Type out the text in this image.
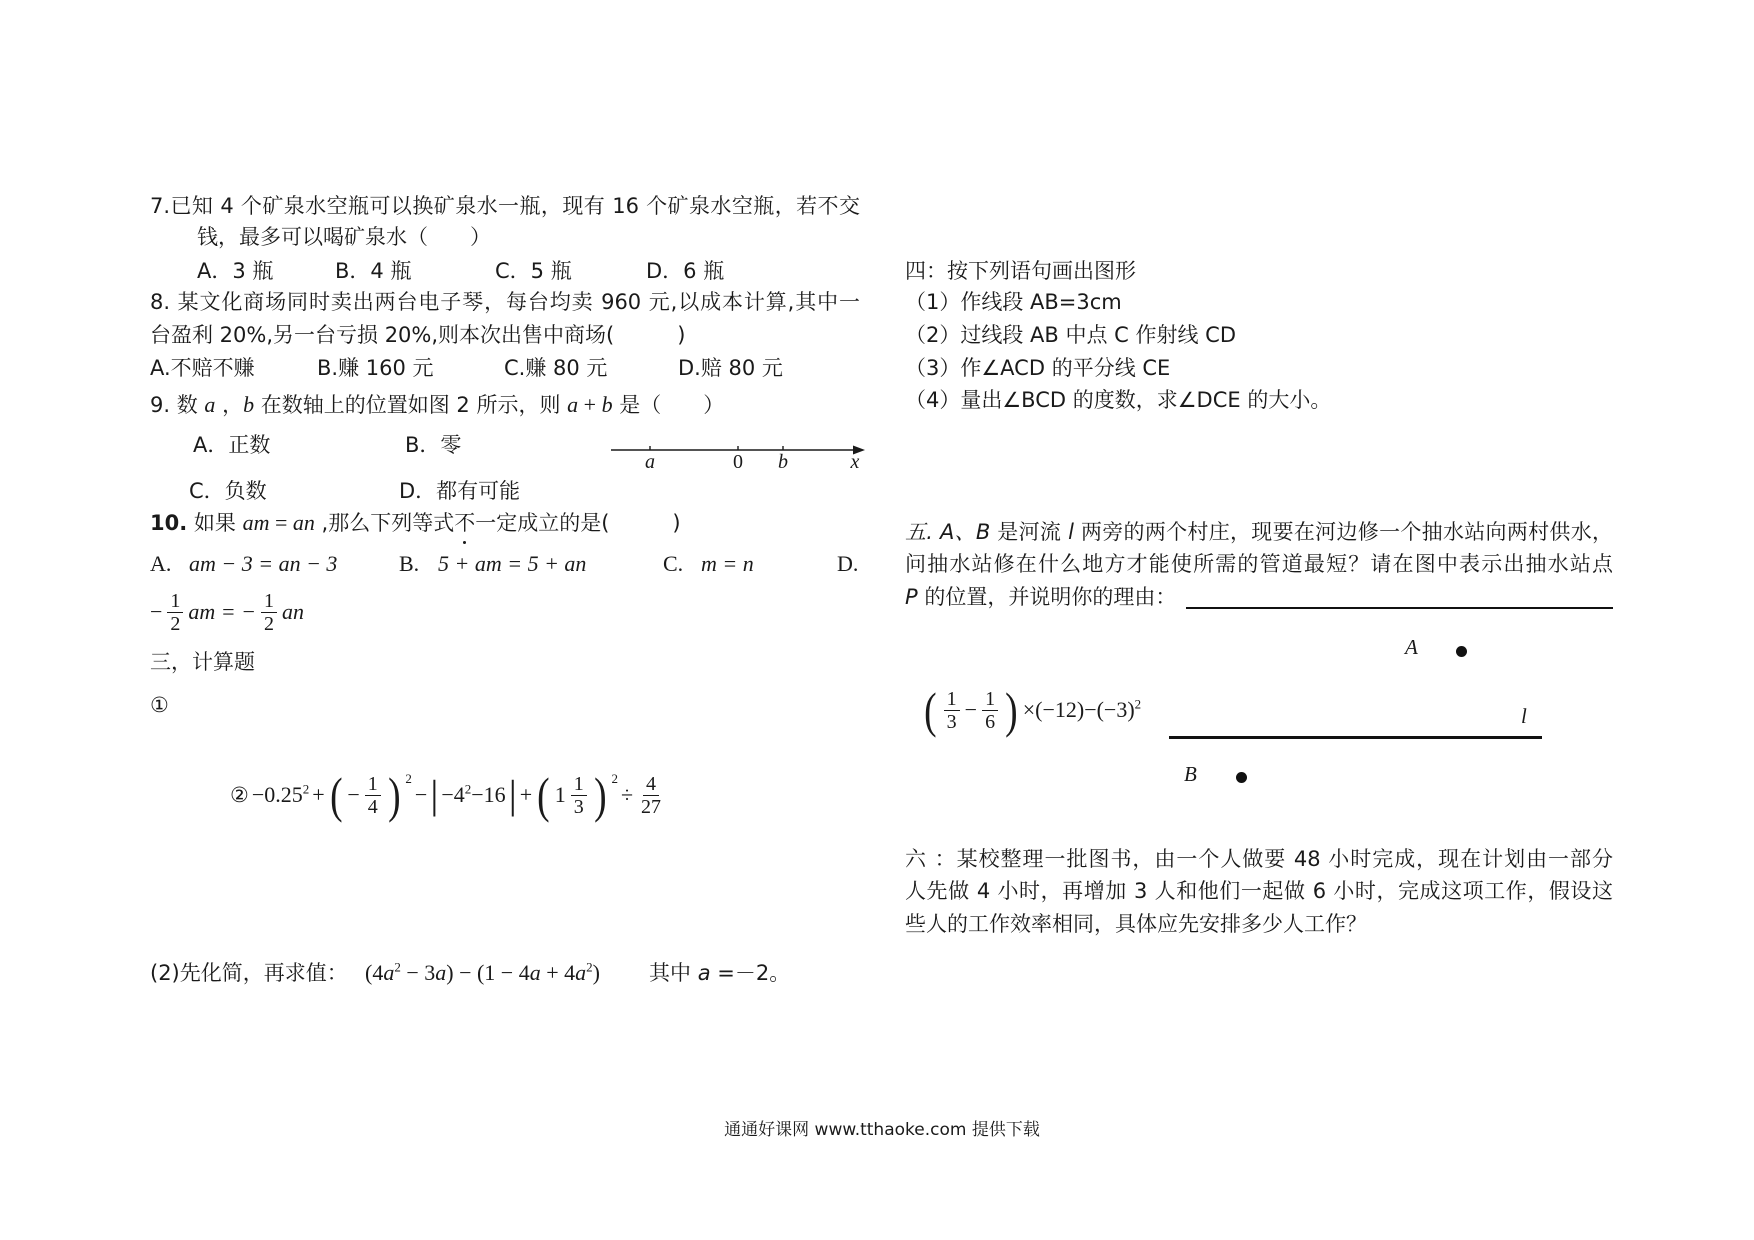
7.已知 4 个矿泉水空瓶可以换矿泉水一瓶，现有 16 个矿泉水空瓶，若不交
钱，最多可以喝矿泉水（　　）
A．3 瓶	B．4 瓶	C．5 瓶	D．6 瓶
8. 某文化商场同时卖出两台电子琴，每台均卖 960 元,以成本计算,其中一
台盈利 20%,另一台亏损 20%,则本次出售中商场(　　　)
A.不赔不赚	B.赚 160 元	C.赚 80 元	D.赔 80 元
9. 数 a ，b 在数轴上的位置如图 2 所示，则 a + b 是（　　）
A．正数	B．零
C．负数	D．都有可能
a	0 b	x
10. 如果 am = an ,那么下列等式不一定成立的是(　　　)
A. am − 3 = an − 3	B. 5 + am = 5 + an	C. m = n	D.
− $\frac{1}{2}$ am = − $\frac{1}{2}$ an
三，计算题
①
② $-0.25^2$ + ( − $\frac{1}{4}$ ) 2
− | $-4^2-16$ | + ( $1 \frac{1}{3}$ ) 2
÷ $\frac{4}{27}$
(2)先化简，再求值： $(4a^2 - 3a) - (1 - 4a + 4a^2)$ 其中 a =－2。
四：按下列语句画出图形
（1）作线段 AB=3cm
（2）过线段 AB 中点 C 作射线 CD
（3）作∠ACD 的平分线 CE
（4）量出∠BCD 的度数，求∠DCE 的大小。
五. A、B 是河流 l 两旁的两个村庄，现要在河边修一个抽水站向两村供水，
问抽水站修在什么地方才能使所需的管道最短？请在图中表示出抽水站点
P 的位置，并说明你的理由：
( $\frac{1}{3} - \frac{1}{6}$ ) $\times(-12)-(-3)^2$
A
l
B
六 ：某校整理一批图书，由一个人做要 48 小时完成，现在计划由一部分
人先做 4 小时，再增加 3 人和他们一起做 6 小时，完成这项工作，假设这
些人的工作效率相同，具体应先安排多少人工作？
通通好课网 www.tthaoke.com 提供下载
